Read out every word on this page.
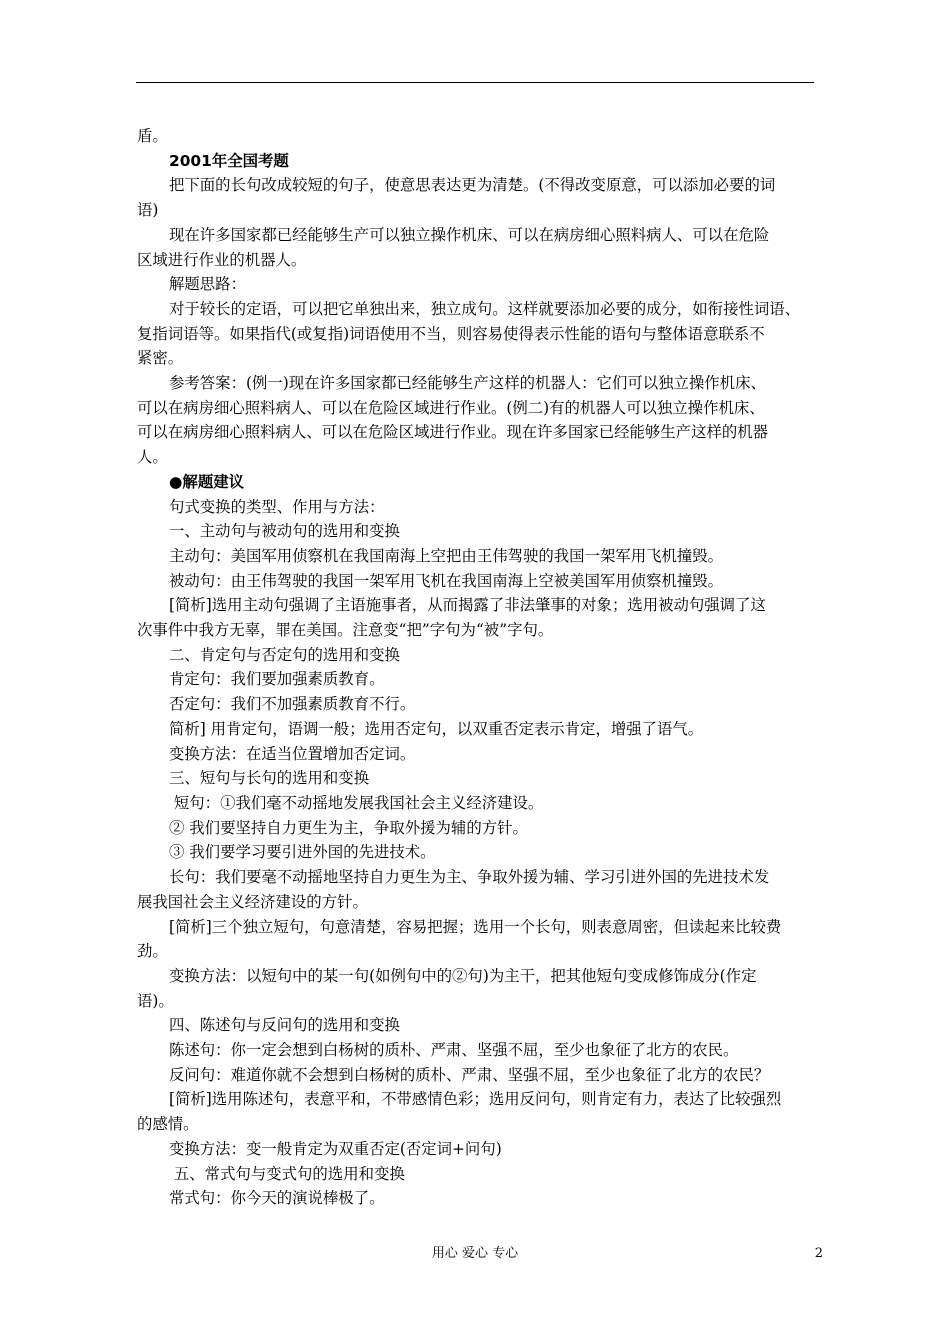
盾。

2001年全国考题

把下面的长句改成较短的句子，使意思表达更为清楚。(不得改变原意，可以添加必要的词

语)

现在许多国家都已经能够生产可以独立操作机床、可以在病房细心照料病人、可以在危险

区域进行作业的机器人。

解题思路：

对于较长的定语，可以把它单独出来，独立成句。这样就要添加必要的成分，如衔接性词语、

复指词语等。如果指代(或复指)词语使用不当，则容易使得表示性能的语句与整体语意联系不

紧密。

参考答案：(例一)现在许多国家都已经能够生产这样的机器人：它们可以独立操作机床、

可以在病房细心照料病人、可以在危险区域进行作业。(例二)有的机器人可以独立操作机床、

可以在病房细心照料病人、可以在危险区域进行作业。现在许多国家已经能够生产这样的机器

人。

●解题建议

句式变换的类型、作用与方法：

一、主动句与被动句的选用和变换

主动句：美国军用侦察机在我国南海上空把由王伟驾驶的我国一架军用飞机撞毁。

被动句：由王伟驾驶的我国一架军用飞机在我国南海上空被美国军用侦察机撞毁。

[简析]选用主动句强调了主语施事者，从而揭露了非法肇事的对象；选用被动句强调了这

次事件中我方无辜，罪在美国。注意变“把”字句为“被”字句。

二、肯定句与否定句的选用和变换

肯定句：我们要加强素质教育。

否定句：我们不加强素质教育不行。

简析] 用肯定句，语调一般；选用否定句，以双重否定表示肯定，增强了语气。

变换方法：在适当位置增加否定词。

三、短句与长句的选用和变换

短句：①我们毫不动摇地发展我国社会主义经济建设。

② 我们要坚持自力更生为主，争取外援为辅的方针。

③ 我们要学习要引进外国的先进技术。

长句：我们要毫不动摇地坚持自力更生为主、争取外援为辅、学习引进外国的先进技术发

展我国社会主义经济建设的方针。

[简析]三个独立短句，句意清楚，容易把握；选用一个长句，则表意周密，但读起来比较费

劲。

变换方法：以短句中的某一句(如例句中的②句)为主干，把其他短句变成修饰成分(作定

语)。

四、陈述句与反问句的选用和变换

陈述句：你一定会想到白杨树的质朴、严肃、坚强不屈，至少也象征了北方的农民。

反问句：难道你就不会想到白杨树的质朴、严肃、坚强不屈，至少也象征了北方的农民？

[简析]选用陈述句，表意平和，不带感情色彩；选用反问句，则肯定有力，表达了比较强烈

的感情。

变换方法：变一般肯定为双重否定(否定词+问句)

五、常式句与变式句的选用和变换

常式句：你今天的演说棒极了。

用心 爱心 专心	2
